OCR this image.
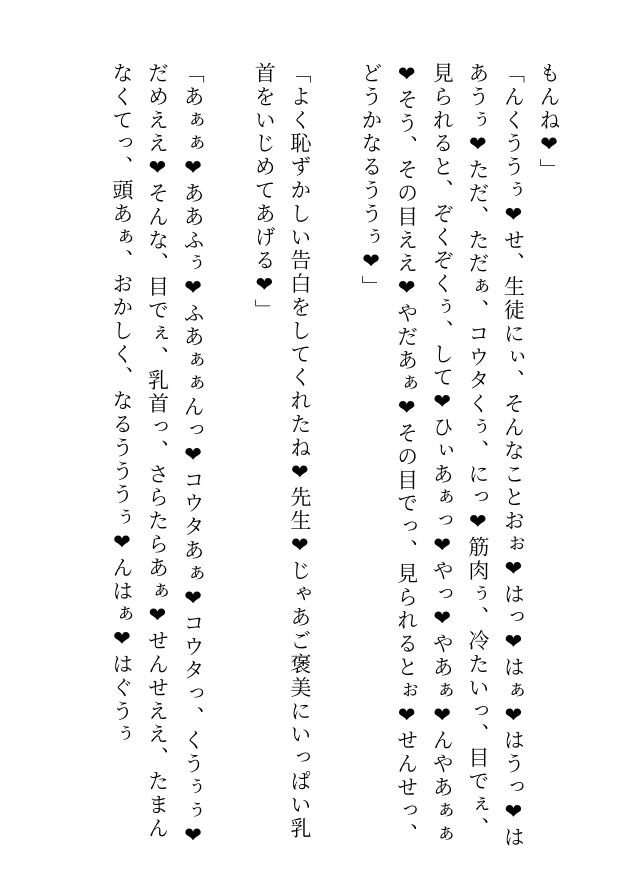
もんね❤」

「んくううぅ❤せ、生徒にぃ、そんなことおぉ❤はっ❤はぁ❤はうっ❤はあうぅ❤ただ、ただぁ、コウタくぅ、にっ❤筋肉ぅ、冷たいっ、目でぇ、見られると、ぞくぞくぅ、して❤ひぃあぁっ❤やっ❤やあぁ❤んやあぁぁ❤そう、その目ええ❤やだあぁ❤その目でっ、見られるとぉ❤せんせっ、どうかなるううぅ❤」

「よく恥ずかしい告白をしてくれたね❤先生❤じゃあご褒美にいっぱい乳首をいじめてあげる❤」

「あぁぁ❤ああふぅ❤ふあぁぁんっ❤コウタあぁ❤コウタっ、くうぅぅ❤だめええ❤そんな、目でぇ、乳首っ、さらたらあぁ❤せんせええ、たまんなくてっ、頭あぁ、おかしく、なるうううぅ❤んはぁ❤はぐうぅ
